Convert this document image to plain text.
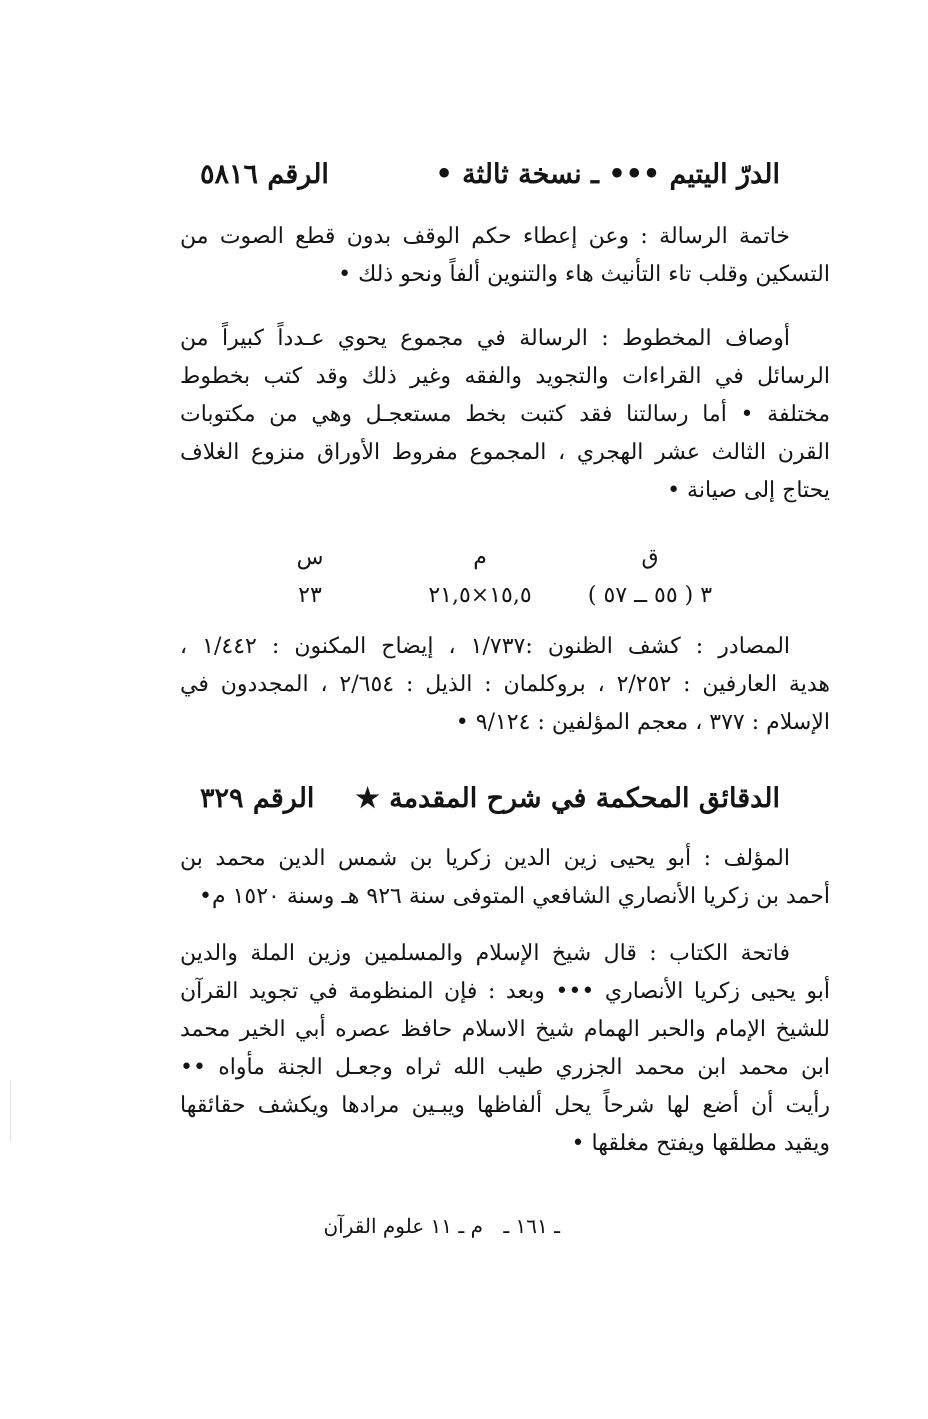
الدرّ اليتيم ••• ـ نسخة ثالثة •
الرقم ٥٨١٦
خاتمة الرسالة : وعن إعطاء حكم الوقف بدون قطع الصوت من
التسكين وقلب تاء التأنيث هاء والتنوين ألفاً ونحو ذلك •
أوصاف المخطوط : الرسالة في مجموع يحوي عـدداً كبيراً من
الرسائل في القراءات والتجويد والفقه وغير ذلك وقد كتب بخطوط
مختلفة • أما رسالتنا فقد كتبت بخط مستعجـل وهي من مكتوبات
القرن الثالث عشر الهجري ، المجموع مفروط الأوراق منزوع الغلاف
يحتاج إلى صيانة •
ق
٣ ( ٥٥ ــ ٥٧ )
م
١٥,٥×٢١,٥
س
٢٣
المصادر : كشف الظنون :١/٧٣٧ ، إيضاح المكنون : ١/٤٤٢ ،
هدية العارفين : ٢/٢٥٢ ، بروكلمان : الذيل : ٢/٦٥٤ ، المجددون في
الإسلام : ٣٧٧ ، معجم المؤلفين : ٩/١٢٤ •
الدقائق المحكمة في شرح المقدمة ★
الرقم ٣٢٩
المؤلف : أبو يحيى زين الدين زكريا بن شمس الدين محمد بن
أحمد بن زكريا الأنصاري الشافعي المتوفى سنة ٩٢٦ هـ وسنة ١٥٢٠ م•
فاتحة الكتاب : قال شيخ الإسلام والمسلمين وزين الملة والدين
أبو يحيى زكريا الأنصاري ••• وبعد : فإن المنظومة في تجويد القرآن
للشيخ الإمام والحبر الهمام شيخ الاسلام حافظ عصره أبي الخير محمد
ابن محمد ابن محمد الجزري طيب الله ثراه وجعـل الجنة مأواه ••
رأيت أن أضع لها شرحاً يحل ألفاظها ويبـين مرادها ويكشف حقائقها
ويقيد مطلقها ويفتح مغلقها •
ـ ١٦١ ـ م ـ ١١ علوم القرآن
